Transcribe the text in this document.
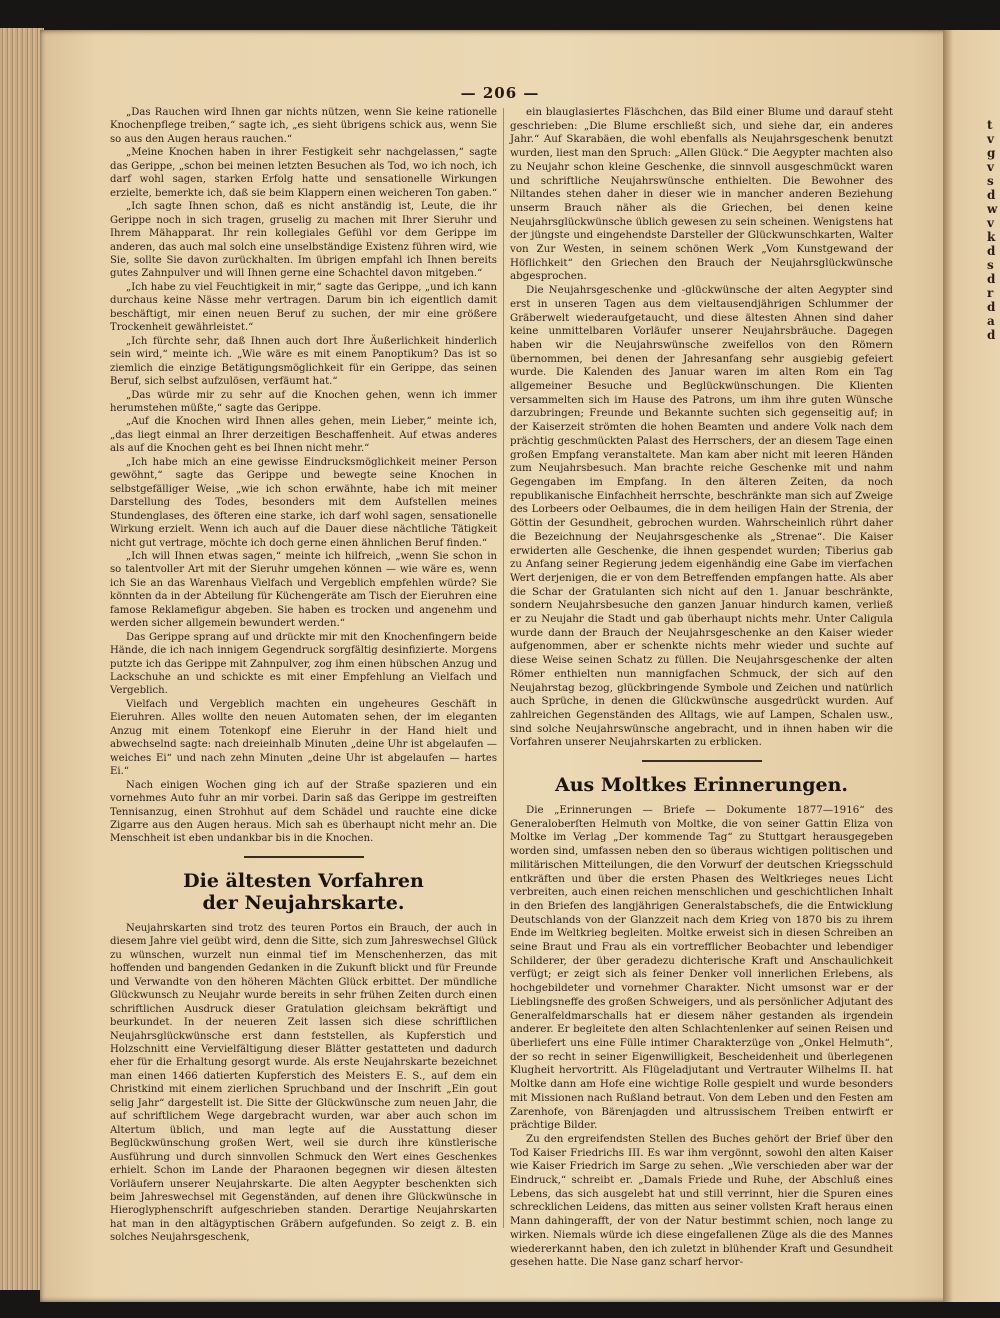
t
v
g
v
s
d
w
v
k
d
s
d
r
d
a
d
— 206 —

„Das Rauchen wird Ihnen gar nichts nützen, wenn Sie keine rationelle Knochenpflege treiben,“ sagte ich, „es sieht übrigens schick aus, wenn Sie so aus den Augen heraus rauchen.“

„Meine Knochen haben in ihrer Festigkeit sehr nachgelassen,“ sagte das Gerippe, „schon bei meinen letzten Besuchen als Tod, wo ich noch, ich darf wohl sagen, starken Erfolg hatte und sensationelle Wirkungen erzielte, bemerkte ich, daß sie beim Klappern einen weicheren Ton gaben.“

„Ich sagte Ihnen schon, daß es nicht anständig ist, Leute, die ihr Gerippe noch in sich tragen, gruselig zu machen mit Ihrer Sieruhr und Ihrem Mähapparat. Ihr rein kollegiales Gefühl vor dem Gerippe im anderen, das auch mal solch eine unselbständige Existenz führen wird, wie Sie, sollte Sie davon zurückhalten. Im übrigen empfahl ich Ihnen bereits gutes Zahnpulver und will Ihnen gerne eine Schachtel davon mitgeben.“

„Ich habe zu viel Feuchtigkeit in mir,“ sagte das Gerippe, „und ich kann durchaus keine Nässe mehr vertragen. Darum bin ich eigentlich damit beschäftigt, mir einen neuen Beruf zu suchen, der mir eine größere Trockenheit gewährleistet.“

„Ich fürchte sehr, daß Ihnen auch dort Ihre Äußerlichkeit hinderlich sein wird,“ meinte ich. „Wie wäre es mit einem Panoptikum? Das ist so ziemlich die einzige Betätigungsmöglichkeit für ein Gerippe, das seinen Beruf, sich selbst aufzulösen, verfäumt hat.“

„Das würde mir zu sehr auf die Knochen gehen, wenn ich immer herumstehen müßte,“ sagte das Gerippe.

„Auf die Knochen wird Ihnen alles gehen, mein Lieber,“ meinte ich, „das liegt einmal an Ihrer derzeitigen Beschaffenheit. Auf etwas anderes als auf die Knochen geht es bei Ihnen nicht mehr.“

„Ich habe mich an eine gewisse Eindrucksmöglichkeit meiner Person gewöhnt,“ sagte das Gerippe und bewegte seine Knochen in selbstgefälliger Weise, „wie ich schon erwähnte, habe ich mit meiner Darstellung des Todes, besonders mit dem Aufstellen meines Stundenglases, des öfteren eine starke, ich darf wohl sagen, sensationelle Wirkung erzielt. Wenn ich auch auf die Dauer diese nächtliche Tätigkeit nicht gut vertrage, möchte ich doch gerne einen ähnlichen Beruf finden.“

„Ich will Ihnen etwas sagen,“ meinte ich hilfreich, „wenn Sie schon in so talentvoller Art mit der Sieruhr umgehen können — wie wäre es, wenn ich Sie an das Warenhaus Vielfach und Vergeblich empfehlen würde? Sie könnten da in der Abteilung für Küchengeräte am Tisch der Eieruhren eine famose Reklamefigur abgeben. Sie haben es trocken und angenehm und werden sicher allgemein bewundert werden.“

Das Gerippe sprang auf und drückte mir mit den Knochenfingern beide Hände, die ich nach innigem Gegendruck sorgfältig desinfizierte. Morgens putzte ich das Gerippe mit Zahnpulver, zog ihm einen hübschen Anzug und Lackschuhe an und schickte es mit einer Empfehlung an Vielfach und Vergeblich.

Vielfach und Vergeblich machten ein ungeheures Geschäft in Eieruhren. Alles wollte den neuen Automaten sehen, der im eleganten Anzug mit einem Totenkopf eine Eieruhr in der Hand hielt und abwechselnd sagte: nach dreieinhalb Minuten „deine Uhr ist abgelaufen — weiches Ei“ und nach zehn Minuten „deine Uhr ist abgelaufen — hartes Ei.“

Nach einigen Wochen ging ich auf der Straße spazieren und ein vornehmes Auto fuhr an mir vorbei. Darin saß das Gerippe im gestreiften Tennisanzug, einen Strohhut auf dem Schädel und rauchte eine dicke Zigarre aus den Augen heraus. Mich sah es überhaupt nicht mehr an. Die Menschheit ist eben undankbar bis in die Knochen.

Die ältesten Vorfahren
der Neujahrskarte.

Neujahrskarten sind trotz des teuren Portos ein Brauch, der auch in diesem Jahre viel geübt wird, denn die Sitte, sich zum Jahreswechsel Glück zu wünschen, wurzelt nun einmal tief im Menschenherzen, das mit hoffenden und bangenden Gedanken in die Zukunft blickt und für Freunde und Verwandte von den höheren Mächten Glück erbittet. Der mündliche Glückwunsch zu Neujahr wurde bereits in sehr frühen Zeiten durch einen schriftlichen Ausdruck dieser Gratulation gleichsam bekräftigt und beurkundet. In der neueren Zeit lassen sich diese schriftlichen Neujahrsglückwünsche erst dann feststellen, als Kupferstich und Holzschnitt eine Vervielfältigung dieser Blätter gestatteten und dadurch eher für die Erhaltung gesorgt wurde. Als erste Neujahrskarte bezeichnet man einen 1466 datierten Kupferstich des Meisters E. S., auf dem ein Christkind mit einem zierlichen Spruchband und der Inschrift „Ein gout selig Jahr“ dargestellt ist. Die Sitte der Glückwünsche zum neuen Jahr, die auf schriftlichem Wege dargebracht wurden, war aber auch schon im Altertum üblich, und man legte auf die Ausstattung dieser Beglückwünschung großen Wert, weil sie durch ihre künstlerische Ausführung und durch sinnvollen Schmuck den Wert eines Geschenkes erhielt. Schon im Lande der Pharaonen begegnen wir diesen ältesten Vorläufern unserer Neujahrskarte. Die alten Aegypter beschenkten sich beim Jahreswechsel mit Gegenständen, auf denen ihre Glückwünsche in Hieroglyphenschrift aufgeschrieben standen. Derartige Neujahrskarten hat man in den altägyptischen Gräbern aufgefunden. So zeigt z. B. ein solches Neujahrsgeschenk,

ein blauglasiertes Fläschchen, das Bild einer Blume und darauf steht geschrieben: „Die Blume erschließt sich, und siehe dar, ein anderes Jahr.“ Auf Skarabäen, die wohl ebenfalls als Neujahrsgeschenk benutzt wurden, liest man den Spruch: „Allen Glück.“ Die Aegypter machten also zu Neujahr schon kleine Geschenke, die sinnvoll ausgeschmückt waren und schriftliche Neujahrswünsche enthielten. Die Bewohner des Niltandes stehen daher in dieser wie in mancher anderen Beziehung unserm Brauch näher als die Griechen, bei denen keine Neujahrsglückwünsche üblich gewesen zu sein scheinen. Wenigstens hat der jüngste und eingehendste Darsteller der Glückwunschkarten, Walter von Zur Westen, in seinem schönen Werk „Vom Kunstgewand der Höflichkeit“ den Griechen den Brauch der Neujahrsglückwünsche abgesprochen.

Die Neujahrsgeschenke und -glückwünsche der alten Aegypter sind erst in unseren Tagen aus dem vieltausendjährigen Schlummer der Gräberwelt wiederaufgetaucht, und diese ältesten Ahnen sind daher keine unmittelbaren Vorläufer unserer Neujahrsbräuche. Dagegen haben wir die Neujahrswünsche zweifellos von den Römern übernommen, bei denen der Jahresanfang sehr ausgiebig gefeiert wurde. Die Kalenden des Januar waren im alten Rom ein Tag allgemeiner Besuche und Beglückwünschungen. Die Klienten versammelten sich im Hause des Patrons, um ihm ihre guten Wünsche darzubringen; Freunde und Bekannte suchten sich gegenseitig auf; in der Kaiserzeit strömten die hohen Beamten und andere Volk nach dem prächtig geschmückten Palast des Herrschers, der an diesem Tage einen großen Empfang veranstaltete. Man kam aber nicht mit leeren Händen zum Neujahrsbesuch. Man brachte reiche Geschenke mit und nahm Gegengaben im Empfang. In den älteren Zeiten, da noch republikanische Einfachheit herrschte, beschränkte man sich auf Zweige des Lorbeers oder Oelbaumes, die in dem heiligen Hain der Strenia, der Göttin der Gesundheit, gebrochen wurden. Wahrscheinlich rührt daher die Bezeichnung der Neujahrsgeschenke als „Strenae“. Die Kaiser erwiderten alle Geschenke, die ihnen gespendet wurden; Tiberius gab zu Anfang seiner Regierung jedem eigenhändig eine Gabe im vierfachen Wert derjenigen, die er von dem Betreffenden empfangen hatte. Als aber die Schar der Gratulanten sich nicht auf den 1. Januar beschränkte, sondern Neujahrsbesuche den ganzen Januar hindurch kamen, verließ er zu Neujahr die Stadt und gab überhaupt nichts mehr. Unter Caligula wurde dann der Brauch der Neujahrsgeschenke an den Kaiser wieder aufgenommen, aber er schenkte nichts mehr wieder und suchte auf diese Weise seinen Schatz zu füllen. Die Neujahrsgeschenke der alten Römer enthielten nun mannigfachen Schmuck, der sich auf den Neujahrstag bezog, glückbringende Symbole und Zeichen und natürlich auch Sprüche, in denen die Glückwünsche ausgedrückt wurden. Auf zahlreichen Gegenständen des Alltags, wie auf Lampen, Schalen usw., sind solche Neujahrswünsche angebracht, und in ihnen haben wir die Vorfahren unserer Neujahrskarten zu erblicken.

Aus Moltkes Erinnerungen.

Die „Erinnerungen — Briefe — Dokumente 1877—1916“ des Generaloberſten Helmuth von Moltke, die von seiner Gattin Eliza von Moltke im Verlag „Der kommende Tag“ zu Stuttgart herausgegeben worden sind, umfassen neben den so überaus wichtigen politischen und militärischen Mitteilungen, die den Vorwurf der deutschen Kriegsschuld entkräften und über die ersten Phasen des Weltkrieges neues Licht verbreiten, auch einen reichen menschlichen und geschichtlichen Inhalt in den Briefen des langjährigen Generalstabschefs, die die Entwicklung Deutschlands von der Glanzzeit nach dem Krieg von 1870 bis zu ihrem Ende im Weltkrieg begleiten. Moltke erweist sich in diesen Schreiben an seine Braut und Frau als ein vortrefflicher Beobachter und lebendiger Schilderer, der über geradezu dichterische Kraft und Anschaulichkeit verfügt; er zeigt sich als feiner Denker voll innerlichen Erlebens, als hochgebildeter und vornehmer Charakter. Nicht umsonst war er der Lieblingsneffe des großen Schweigers, und als persönlicher Adjutant des Generalfeldmarschalls hat er diesem näher gestanden als irgendein anderer. Er begleitete den alten Schlachtenlenker auf seinen Reisen und überliefert uns eine Fülle intimer Charakterzüge von „Onkel Helmuth“, der so recht in seiner Eigenwilligkeit, Bescheidenheit und überlegenen Klugheit hervortritt. Als Flügeladjutant und Vertrauter Wilhelms II. hat Moltke dann am Hofe eine wichtige Rolle gespielt und wurde besonders mit Missionen nach Rußland betraut. Von dem Leben und den Festen am Zarenhofe, von Bärenjagden und altrussischem Treiben entwirft er prächtige Bilder.

Zu den ergreifendsten Stellen des Buches gehört der Brief über den Tod Kaiser Friedrichs III. Es war ihm vergönnt, sowohl den alten Kaiser wie Kaiser Friedrich im Sarge zu sehen. „Wie verschieden aber war der Eindruck,“ schreibt er. „Damals Friede und Ruhe, der Abschluß eines Lebens, das sich ausgelebt hat und still verrinnt, hier die Spuren eines schrecklichen Leidens, das mitten aus seiner vollsten Kraft heraus einen Mann dahingerafft, der von der Natur bestimmt schien, noch lange zu wirken. Niemals würde ich diese eingefallenen Züge als die des Mannes wiedererkannt haben, den ich zuletzt in blühender Kraft und Gesundheit gesehen hatte. Die Nase ganz scharf hervor-
